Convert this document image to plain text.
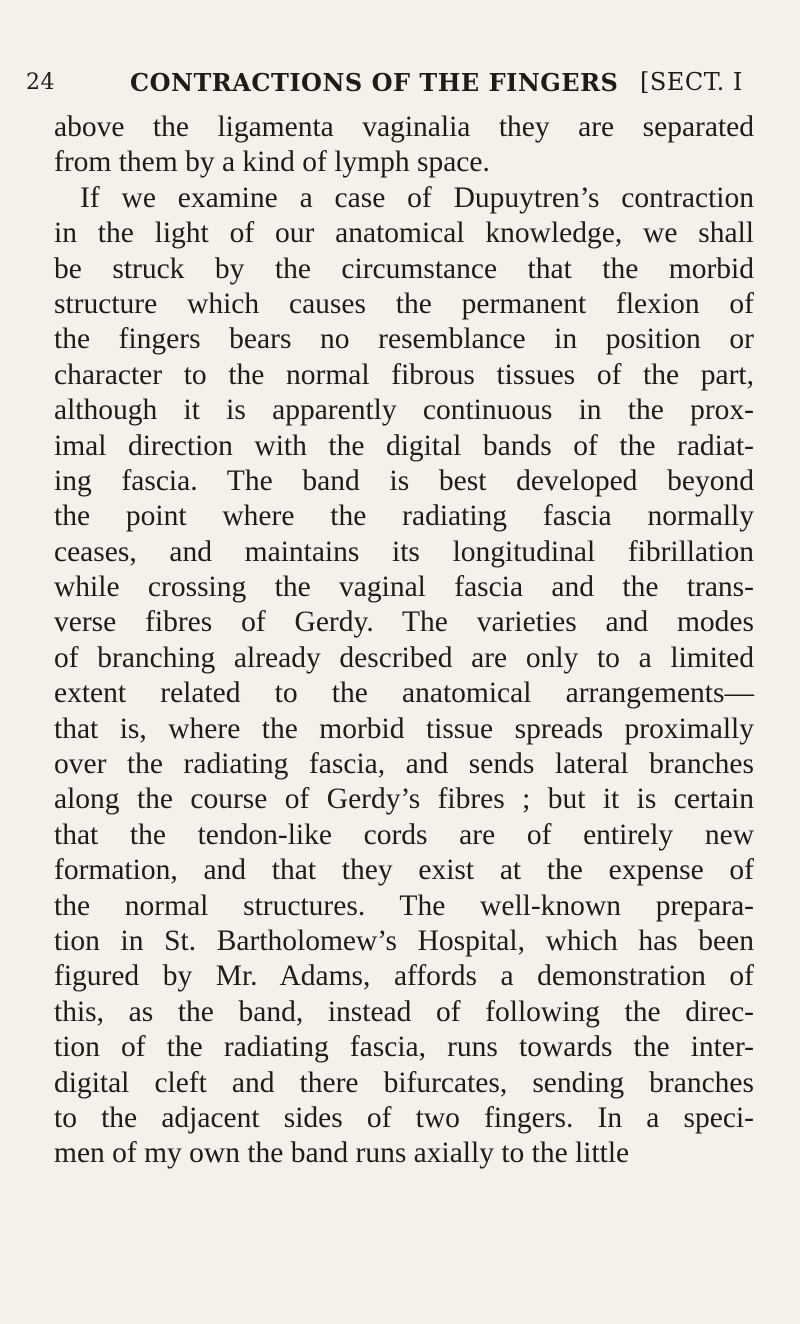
24	CONTRACTIONS OF THE FINGERS [SECT. I
above the ligamenta vaginalia they are separated
from them by a kind of lymph space.
If we examine a case of Dupuytren’s contraction
in the light of our anatomical knowledge, we shall
be struck by the circumstance that the morbid
structure which causes the permanent flexion of
the fingers bears no resemblance in position or
character to the normal fibrous tissues of the part,
although it is apparently continuous in the prox-
imal direction with the digital bands of the radiat-
ing fascia. The band is best developed beyond
the point where the radiating fascia normally
ceases, and maintains its longitudinal fibrillation
while crossing the vaginal fascia and the trans-
verse fibres of Gerdy. The varieties and modes
of branching already described are only to a limited
extent related to the anatomical arrangements—
that is, where the morbid tissue spreads proximally
over the radiating fascia, and sends lateral branches
along the course of Gerdy’s fibres ; but it is certain
that the tendon-like cords are of entirely new
formation, and that they exist at the expense of
the normal structures. The well-known prepara-
tion in St. Bartholomew’s Hospital, which has been
figured by Mr. Adams, affords a demonstration of
this, as the band, instead of following the direc-
tion of the radiating fascia, runs towards the inter-
digital cleft and there bifurcates, sending branches
to the adjacent sides of two fingers. In a speci-
men of my own the band runs axially to the little
